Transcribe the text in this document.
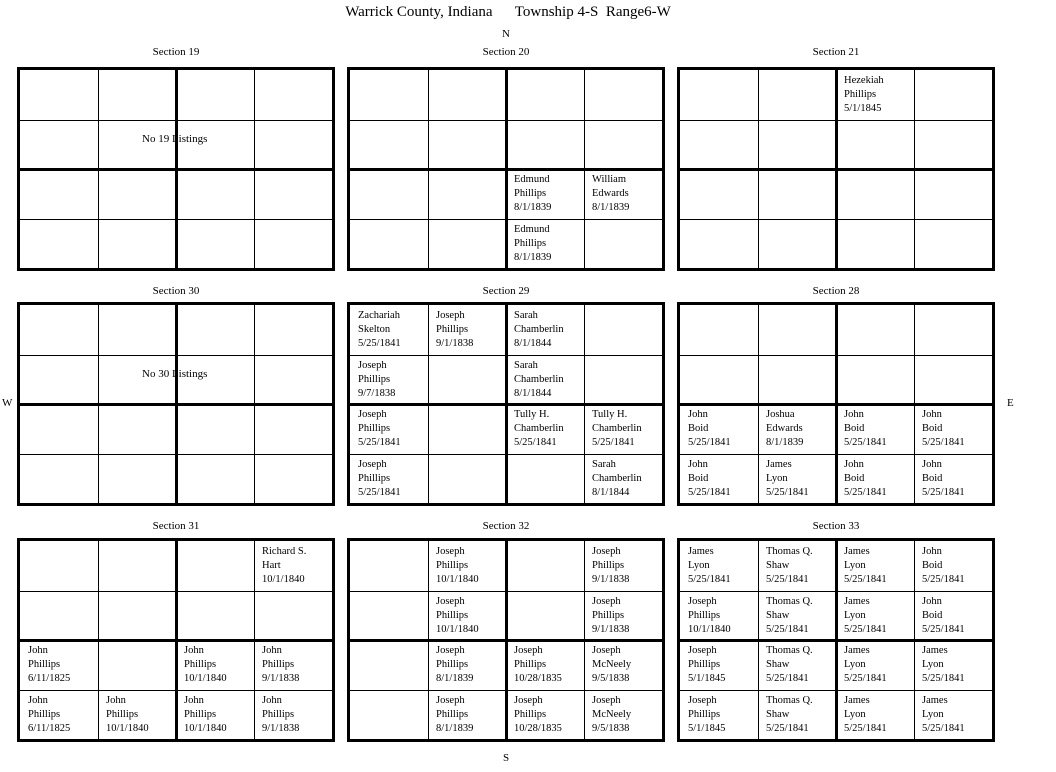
Warrick County, Indiana      Township 4-S  Range6-W
N
S
W	E
Section 19
No 19 Listings
Section 20
Edmund
Phillips
8/1/1839
William
Edwards
8/1/1839
Edmund
Phillips
8/1/1839
Section 21
Hezekiah
Phillips
5/1/1845
Section 30
No 30 Listings
Section 29
Zachariah
Skelton
5/25/1841
Joseph
Phillips
9/1/1838
Sarah
Chamberlin
8/1/1844
Joseph
Phillips
9/7/1838
Sarah
Chamberlin
8/1/1844
Joseph
Phillips
5/25/1841
Tully H.
Chamberlin
5/25/1841
Tully H.
Chamberlin
5/25/1841
Joseph
Phillips
5/25/1841
Sarah
Chamberlin
8/1/1844
Section 28
John
Boid
5/25/1841
Joshua
Edwards
8/1/1839
John
Boid
5/25/1841
John
Boid
5/25/1841
John
Boid
5/25/1841
James
Lyon
5/25/1841
John
Boid
5/25/1841
John
Boid
5/25/1841
Section 31
Richard S.
Hart
10/1/1840
John
Phillips
6/11/1825
John
Phillips
10/1/1840
John
Phillips
9/1/1838
John
Phillips
6/11/1825
John
Phillips
10/1/1840
John
Phillips
10/1/1840
John
Phillips
9/1/1838
Section 32
Joseph
Phillips
10/1/1840
Joseph
Phillips
9/1/1838
Joseph
Phillips
10/1/1840
Joseph
Phillips
9/1/1838
Joseph
Phillips
8/1/1839
Joseph
Phillips
10/28/1835
Joseph
McNeely
9/5/1838
Joseph
Phillips
8/1/1839
Joseph
Phillips
10/28/1835
Joseph
McNeely
9/5/1838
Section 33
James
Lyon
5/25/1841
Thomas Q.
Shaw
5/25/1841
James
Lyon
5/25/1841
John
Boid
5/25/1841
Joseph
Phillips
10/1/1840
Thomas Q.
Shaw
5/25/1841
James
Lyon
5/25/1841
John
Boid
5/25/1841
Joseph
Phillips
5/1/1845
Thomas Q.
Shaw
5/25/1841
James
Lyon
5/25/1841
James
Lyon
5/25/1841
Joseph
Phillips
5/1/1845
Thomas Q.
Shaw
5/25/1841
James
Lyon
5/25/1841
James
Lyon
5/25/1841
